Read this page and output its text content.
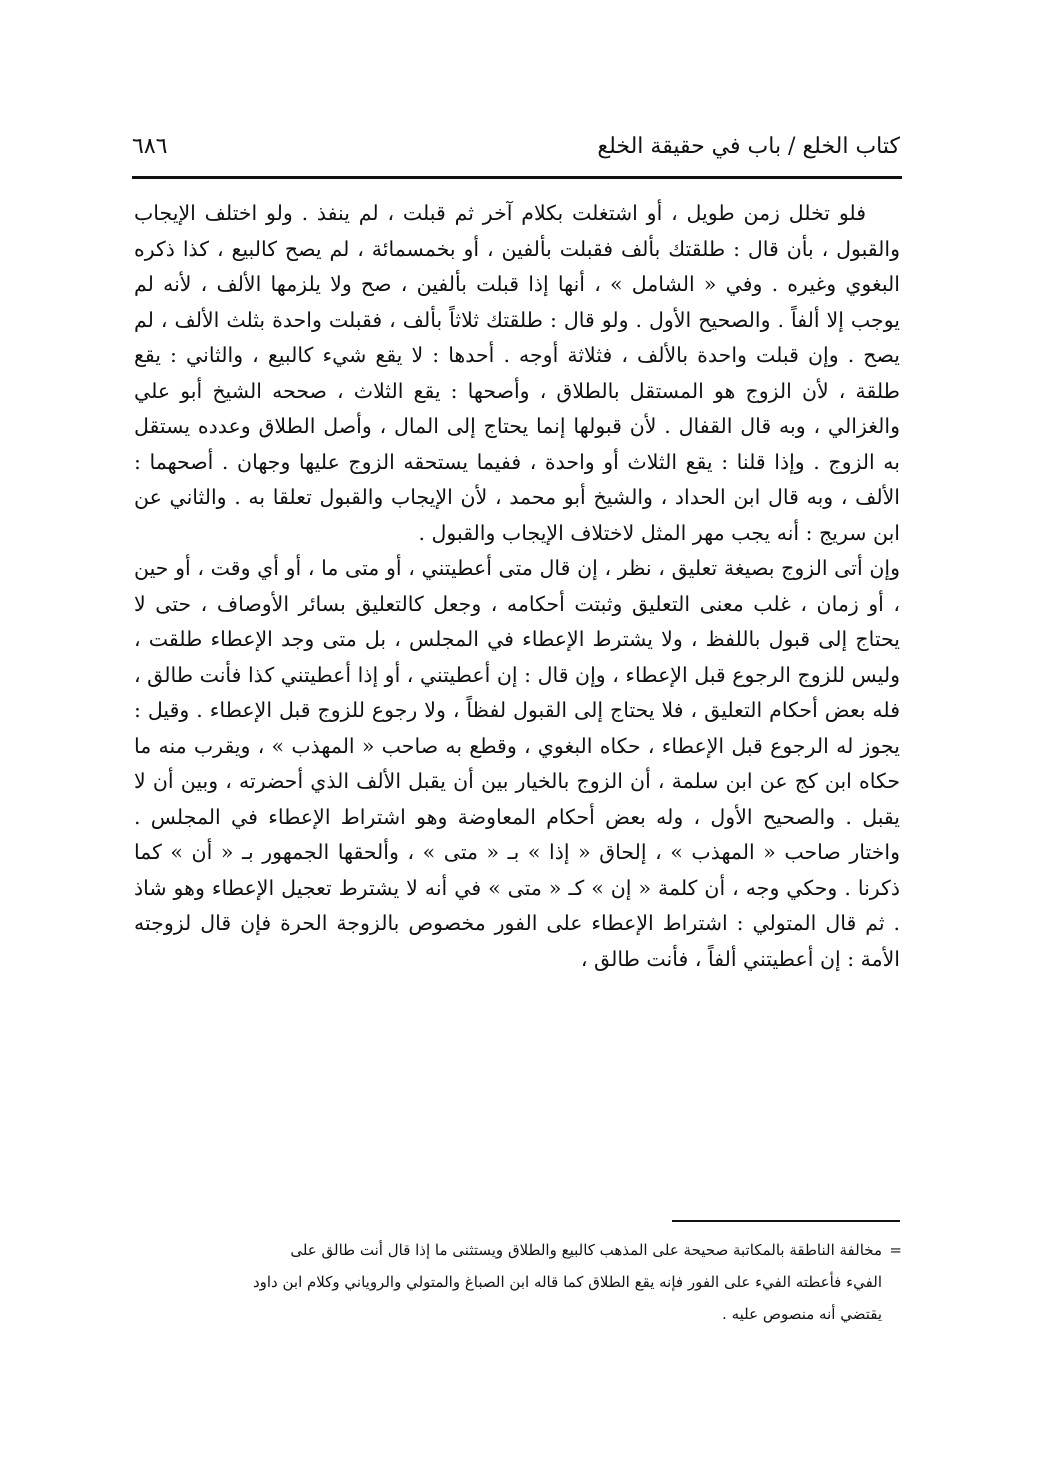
كتاب الخلع / باب في حقيقة الخلع
٦٨٦

فلو تخلل زمن طويل ، أو اشتغلت بكلام آخر ثم قبلت ، لم ينفذ . ولو اختلف الإيجاب والقبول ، بأن قال : طلقتك بألف فقبلت بألفين ، أو بخمسمائة ، لم يصح كالبيع ، كذا ذكره البغوي وغيره . وفي « الشامل » ، أنها إذا قبلت بألفين ، صح ولا يلزمها الألف ، لأنه لم يوجب إلا ألفاً . والصحيح الأول . ولو قال : طلقتك ثلاثاً بألف ، فقبلت واحدة بثلث الألف ، لم يصح . وإن قبلت واحدة بالألف ، فثلاثة أوجه . أحدها : لا يقع شيء كالبيع ، والثاني : يقع طلقة ، لأن الزوج هو المستقل بالطلاق ، وأصحها : يقع الثلاث ، صححه الشيخ أبو علي والغزالي ، وبه قال القفال . لأن قبولها إنما يحتاج إلى المال ، وأصل الطلاق وعدده يستقل به الزوج . وإذا قلنا : يقع الثلاث أو واحدة ، ففيما يستحقه الزوج عليها وجهان . أصحهما : الألف ، وبه قال ابن الحداد ، والشيخ أبو محمد ، لأن الإيجاب والقبول تعلقا به . والثاني عن ابن سريج : أنه يجب مهر المثل لاختلاف الإيجاب والقبول .

وإن أتى الزوج بصيغة تعليق ، نظر ، إن قال متى أعطيتني ، أو متى ما ، أو أي وقت ، أو حين ، أو زمان ، غلب معنى التعليق وثبتت أحكامه ، وجعل كالتعليق بسائر الأوصاف ، حتى لا يحتاج إلى قبول باللفظ ، ولا يشترط الإعطاء في المجلس ، بل متى وجد الإعطاء طلقت ، وليس للزوج الرجوع قبل الإعطاء ، وإن قال : إن أعطيتني ، أو إذا أعطيتني كذا فأنت طالق ، فله بعض أحكام التعليق ، فلا يحتاج إلى القبول لفظاً ، ولا رجوع للزوج قبل الإعطاء . وقيل : يجوز له الرجوع قبل الإعطاء ، حكاه البغوي ، وقطع به صاحب « المهذب » ، ويقرب منه ما حكاه ابن كج عن ابن سلمة ، أن الزوج بالخيار بين أن يقبل الألف الذي أحضرته ، وبين أن لا يقبل . والصحيح الأول ، وله بعض أحكام المعاوضة وهو اشتراط الإعطاء في المجلس . واختار صاحب « المهذب » ، إلحاق « إذا » بـ « متى » ، وألحقها الجمهور بـ « أن » كما ذكرنا . وحكي وجه ، أن كلمة « إن » كـ « متى » في أنه لا يشترط تعجيل الإعطاء وهو شاذ . ثم قال المتولي : اشتراط الإعطاء على الفور مخصوص بالزوجة الحرة فإن قال لزوجته الأمة : إن أعطيتني ألفاً ، فأنت طالق ،

=
مخالفة الناطقة بالمكاتبة صحيحة على المذهب كالبيع والطلاق ويستثنى ما إذا قال أنت طالق على

الفيء فأعطته الفيء على الفور فإنه يقع الطلاق كما قاله ابن الصباغ والمتولي والروياني وكلام ابن داود

يقتضي أنه منصوص عليه .
